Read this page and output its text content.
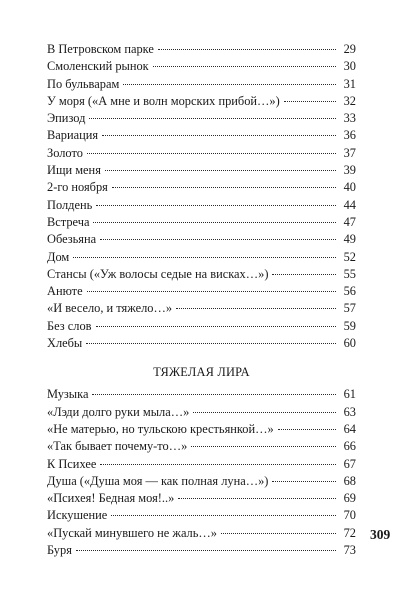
В Петровском парке	29
Смоленский рынок	30
По бульварам	31
У моря («А мне и волн морских прибой…»)	32
Эпизод	33
Вариация	36
Золото	37
Ищи меня	39
2-го ноября	40
Полдень	44
Встреча	47
Обезьяна	49
Дом	52
Стансы («Уж волосы седые на висках…»)	55
Анюте	56
«И весело, и тяжело…»	57
Без слов	59
Хлебы	60
ТЯЖЕЛАЯ ЛИРА
Музыка	61
«Лэди долго руки мыла…»	63
«Не матерью, но тульскою крестьянкой…»	64
«Так бывает почему-то…»	66
К Психее	67
Душа («Душа моя — как полная луна…»)	68
«Психея! Бедная моя!..»	69
Искушение	70
«Пускай минувшего не жаль…»	72
Буря	73
309
